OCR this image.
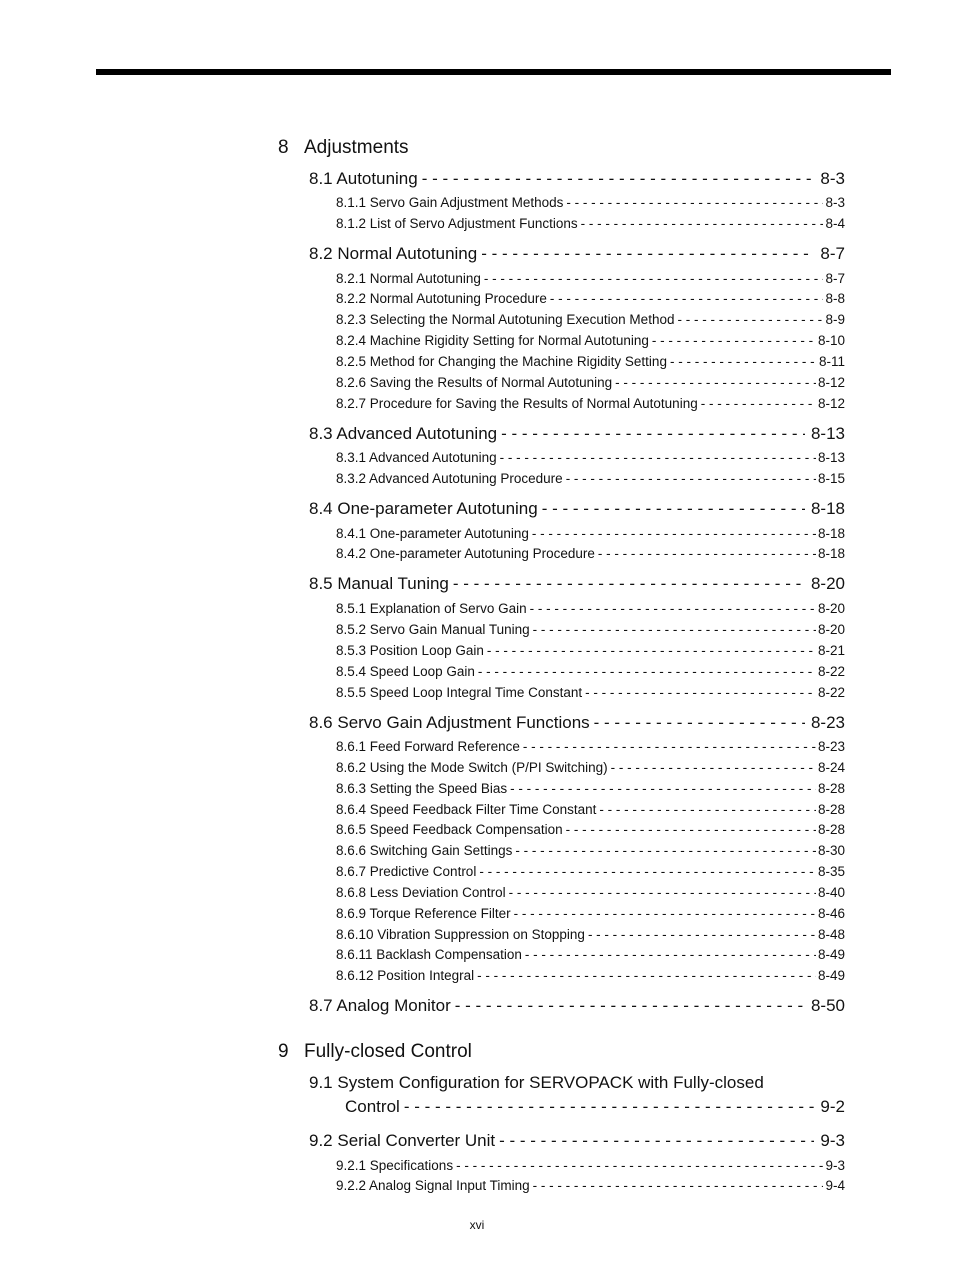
8 Adjustments
8.1 Autotuning - - -	8-3
8.1.1 Servo Gain Adjustment Methods - - -	8-3
8.1.2 List of Servo Adjustment Functions - - -	8-4
8.2 Normal Autotuning - - -	8-7
8.2.1 Normal Autotuning - - -	8-7
8.2.2 Normal Autotuning Procedure - - -	8-8
8.2.3 Selecting the Normal Autotuning Execution Method - - -	8-9
8.2.4 Machine Rigidity Setting for Normal Autotuning - - -	8-10
8.2.5 Method for Changing the Machine Rigidity Setting - - -	8-11
8.2.6 Saving the Results of Normal Autotuning - - -	8-12
8.2.7 Procedure for Saving the Results of Normal Autotuning - - -	8-12
8.3 Advanced Autotuning - - -	8-13
8.3.1 Advanced Autotuning - - -	8-13
8.3.2 Advanced Autotuning Procedure - - -	8-15
8.4 One-parameter Autotuning - - -	8-18
8.4.1 One-parameter Autotuning - - -	8-18
8.4.2 One-parameter Autotuning Procedure - - -	8-18
8.5 Manual Tuning - - -	8-20
8.5.1 Explanation of Servo Gain - - -	8-20
8.5.2 Servo Gain Manual Tuning - - -	8-20
8.5.3 Position Loop Gain - - -	8-21
8.5.4 Speed Loop Gain - - -	8-22
8.5.5 Speed Loop Integral Time Constant - - -	8-22
8.6 Servo Gain Adjustment Functions - - -	8-23
8.6.1 Feed Forward Reference - - -	8-23
8.6.2 Using the Mode Switch (P/PI Switching) - - -	8-24
8.6.3 Setting the Speed Bias - - -	8-28
8.6.4 Speed Feedback Filter Time Constant - - -	8-28
8.6.5 Speed Feedback Compensation - - -	8-28
8.6.6 Switching Gain Settings - - -	8-30
8.6.7 Predictive Control - - -	8-35
8.6.8 Less Deviation Control - - -	8-40
8.6.9 Torque Reference Filter - - -	8-46
8.6.10 Vibration Suppression on Stopping - - -	8-48
8.6.11 Backlash Compensation - - -	8-49
8.6.12 Position Integral - - -	8-49
8.7 Analog Monitor - - -	8-50
9 Fully-closed Control
9.1 System Configuration for SERVOPACK with Fully-closed
Control - - -	9-2
9.2 Serial Converter Unit - - -	9-3
9.2.1 Specifications - - -	9-3
9.2.2 Analog Signal Input Timing - - -	9-4
xvi
